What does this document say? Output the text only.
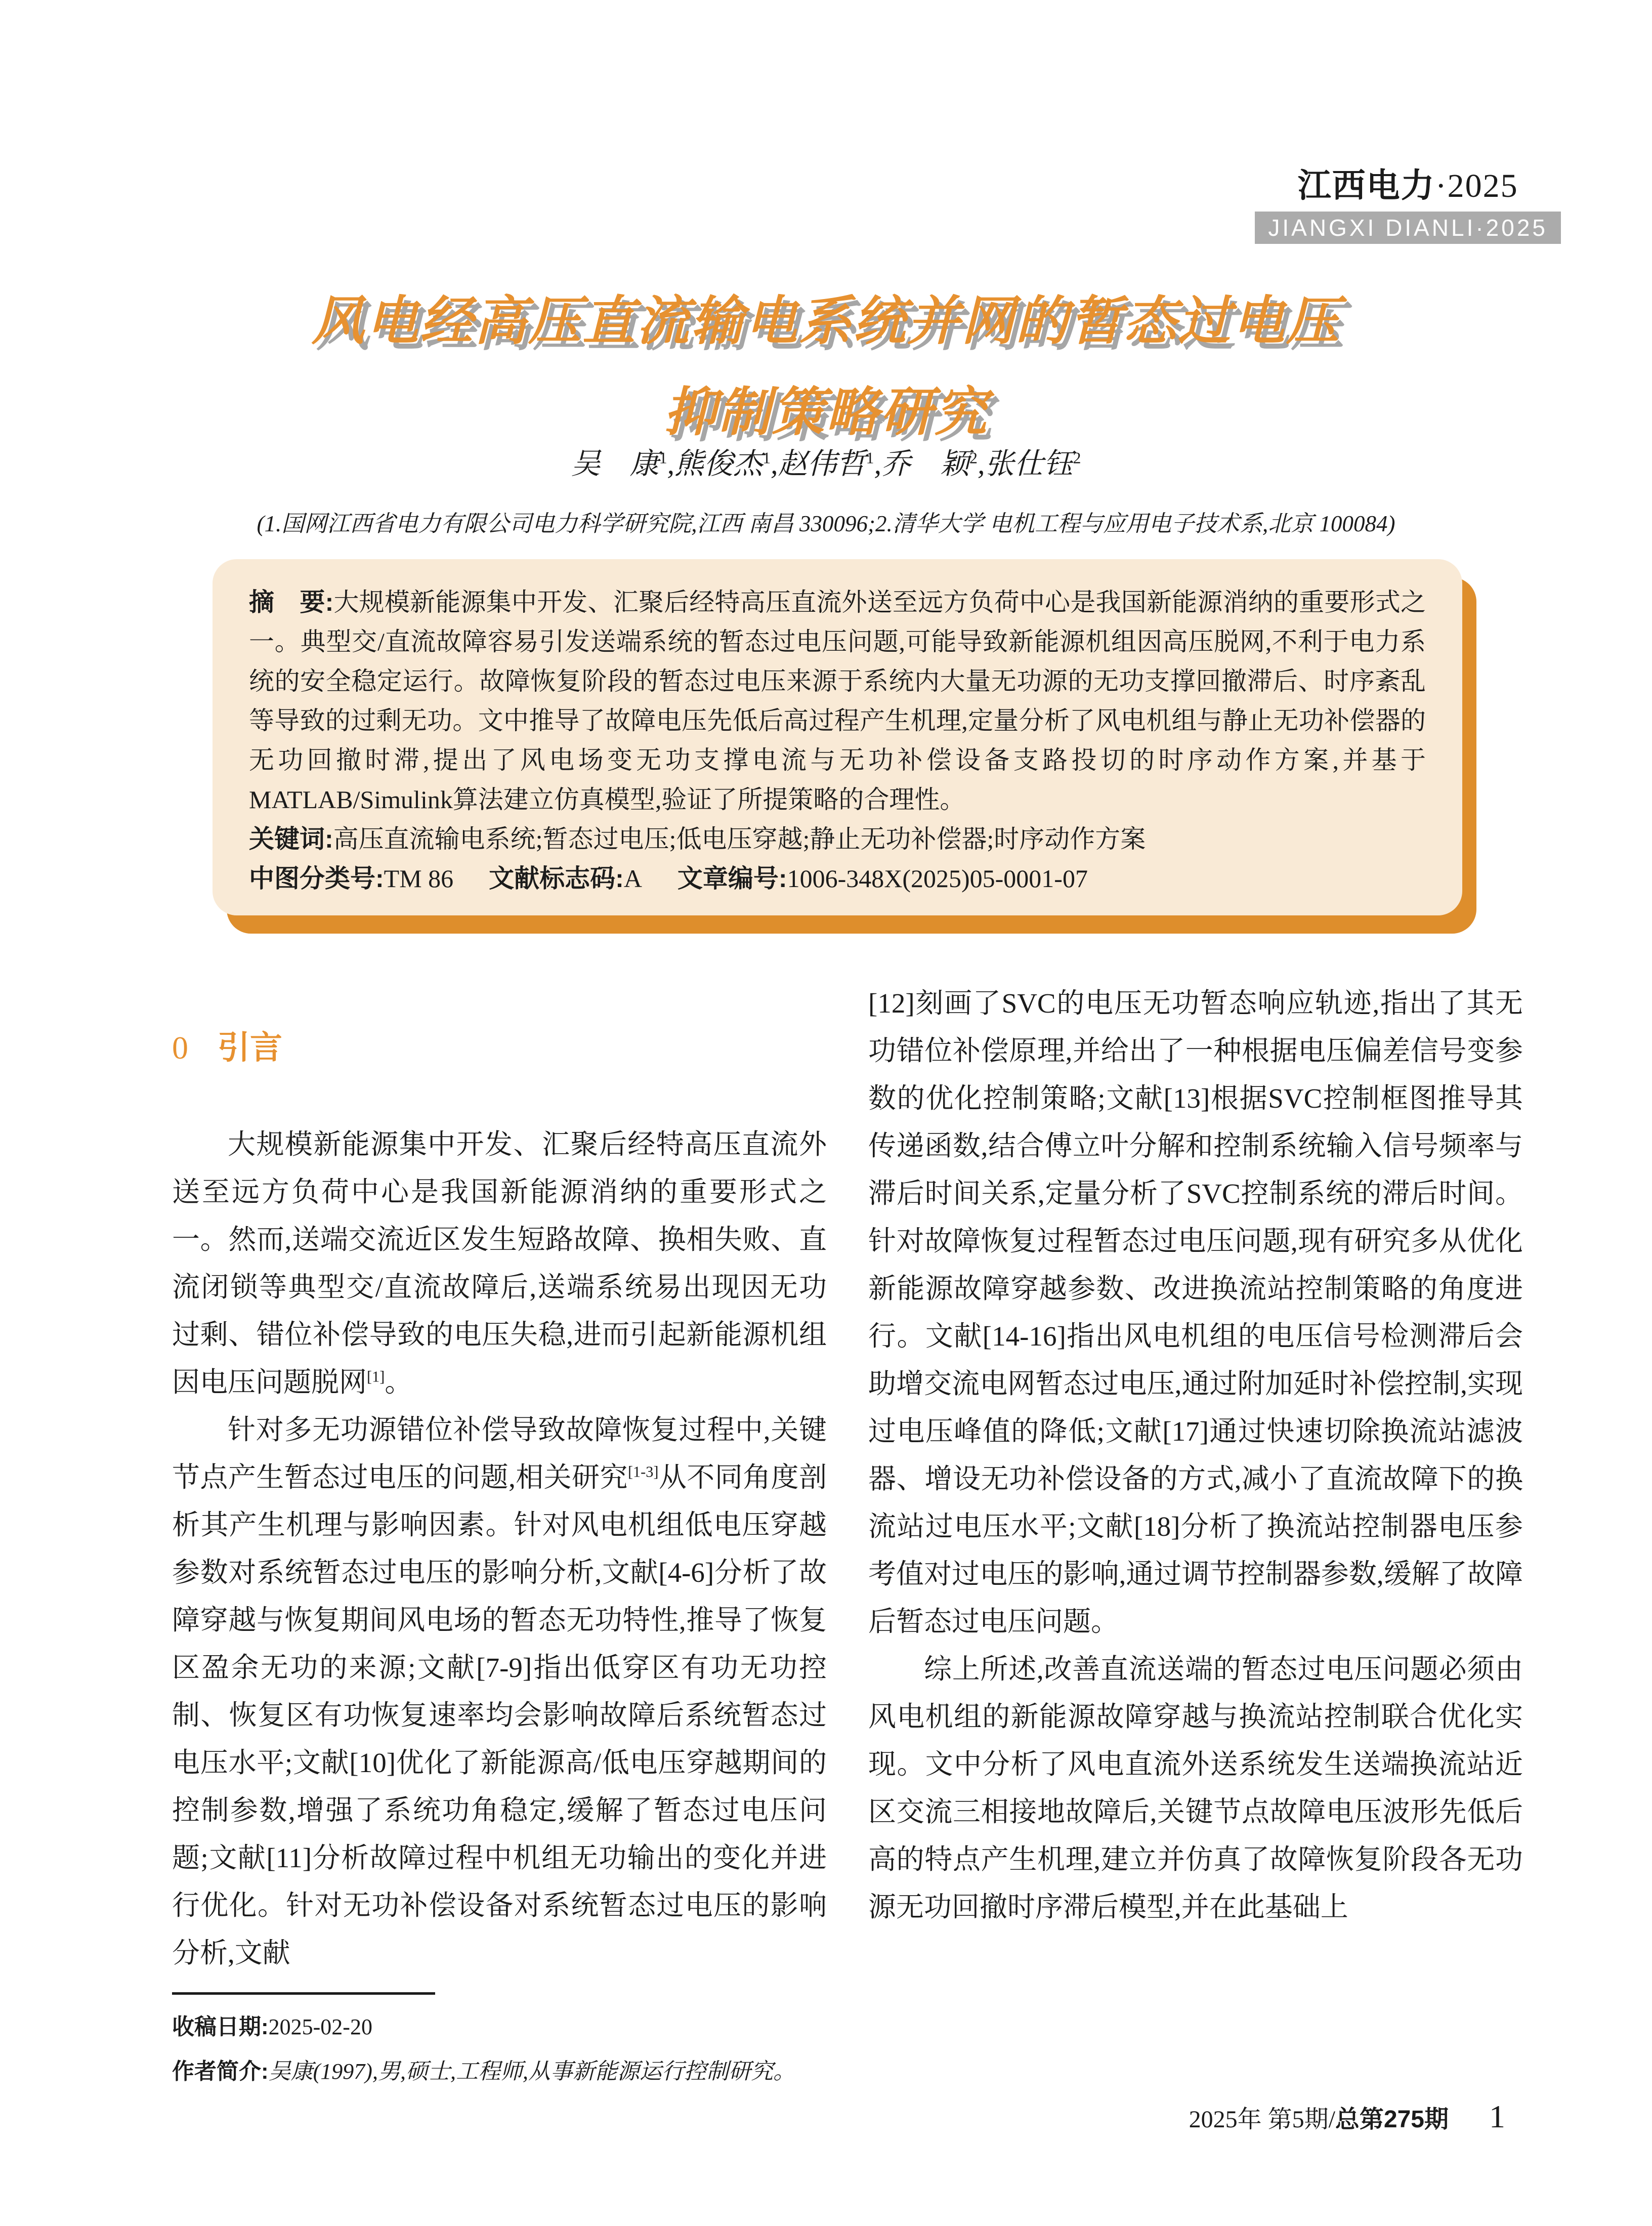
江西电力·2025
JIANGXI DIANLI·2025
风电经高压直流输电系统并网的暂态过电压
抑制策略研究
吴　康$^1$,熊俊杰$^1$,赵伟哲$^1$,乔　颖$^2$,张仕钰$^2$
(1.国网江西省电力有限公司电力科学研究院,江西 南昌 330096;2.清华大学 电机工程与应用电子技术系,北京 100084)

摘　要:大规模新能源集中开发、汇聚后经特高压直流外送至远方负荷中心是我国新能源消纳的重要形式之一。典型交/直流故障容易引发送端系统的暂态过电压问题,可能导致新能源机组因高压脱网,不利于电力系统的安全稳定运行。故障恢复阶段的暂态过电压来源于系统内大量无功源的无功支撑回撤滞后、时序紊乱等导致的过剩无功。文中推导了故障电压先低后高过程产生机理,定量分析了风电机组与静止无功补偿器的无功回撤时滞,提出了风电场变无功支撑电流与无功补偿设备支路投切的时序动作方案,并基于MATLAB/Simulink算法建立仿真模型,验证了所提策略的合理性。

关键词:高压直流输电系统;暂态过电压;低电压穿越;静止无功补偿器;时序动作方案

中图分类号:TM 86 文献标志码:A 文章编号:1006-348X(2025)05-0001-07

0 引言

大规模新能源集中开发、汇聚后经特高压直流外送至远方负荷中心是我国新能源消纳的重要形式之一。然而,送端交流近区发生短路故障、换相失败、直流闭锁等典型交/直流故障后,送端系统易出现因无功过剩、错位补偿导致的电压失稳,进而引起新能源机组因电压问题脱网[1]。

针对多无功源错位补偿导致故障恢复过程中,关键节点产生暂态过电压的问题,相关研究[1-3]从不同角度剖析其产生机理与影响因素。针对风电机组低电压穿越参数对系统暂态过电压的影响分析,文献[4-6]分析了故障穿越与恢复期间风电场的暂态无功特性,推导了恢复区盈余无功的来源;文献[7-9]指出低穿区有功无功控制、恢复区有功恢复速率均会影响故障后系统暂态过电压水平;文献[10]优化了新能源高/低电压穿越期间的控制参数,增强了系统功角稳定,缓解了暂态过电压问题;文献[11]分析故障过程中机组无功输出的变化并进行优化。针对无功补偿设备对系统暂态过电压的影响分析,文献

收稿日期:2025-02-20

作者简介:吴康(1997),男,硕士,工程师,从事新能源运行控制研究。

[12]刻画了SVC的电压无功暂态响应轨迹,指出了其无功错位补偿原理,并给出了一种根据电压偏差信号变参数的优化控制策略;文献[13]根据SVC控制框图推导其传递函数,结合傅立叶分解和控制系统输入信号频率与滞后时间关系,定量分析了SVC控制系统的滞后时间。针对故障恢复过程暂态过电压问题,现有研究多从优化新能源故障穿越参数、改进换流站控制策略的角度进行。文献[14-16]指出风电机组的电压信号检测滞后会助增交流电网暂态过电压,通过附加延时补偿控制,实现过电压峰值的降低;文献[17]通过快速切除换流站滤波器、增设无功补偿设备的方式,减小了直流故障下的换流站过电压水平;文献[18]分析了换流站控制器电压参考值对过电压的影响,通过调节控制器参数,缓解了故障后暂态过电压问题。

综上所述,改善直流送端的暂态过电压问题必须由风电机组的新能源故障穿越与换流站控制联合优化实现。文中分析了风电直流外送系统发生送端换流站近区交流三相接地故障后,关键节点故障电压波形先低后高的特点产生机理,建立并仿真了故障恢复阶段各无功源无功回撤时序滞后模型,并在此基础上

2025年 第5期/总第275期 1
